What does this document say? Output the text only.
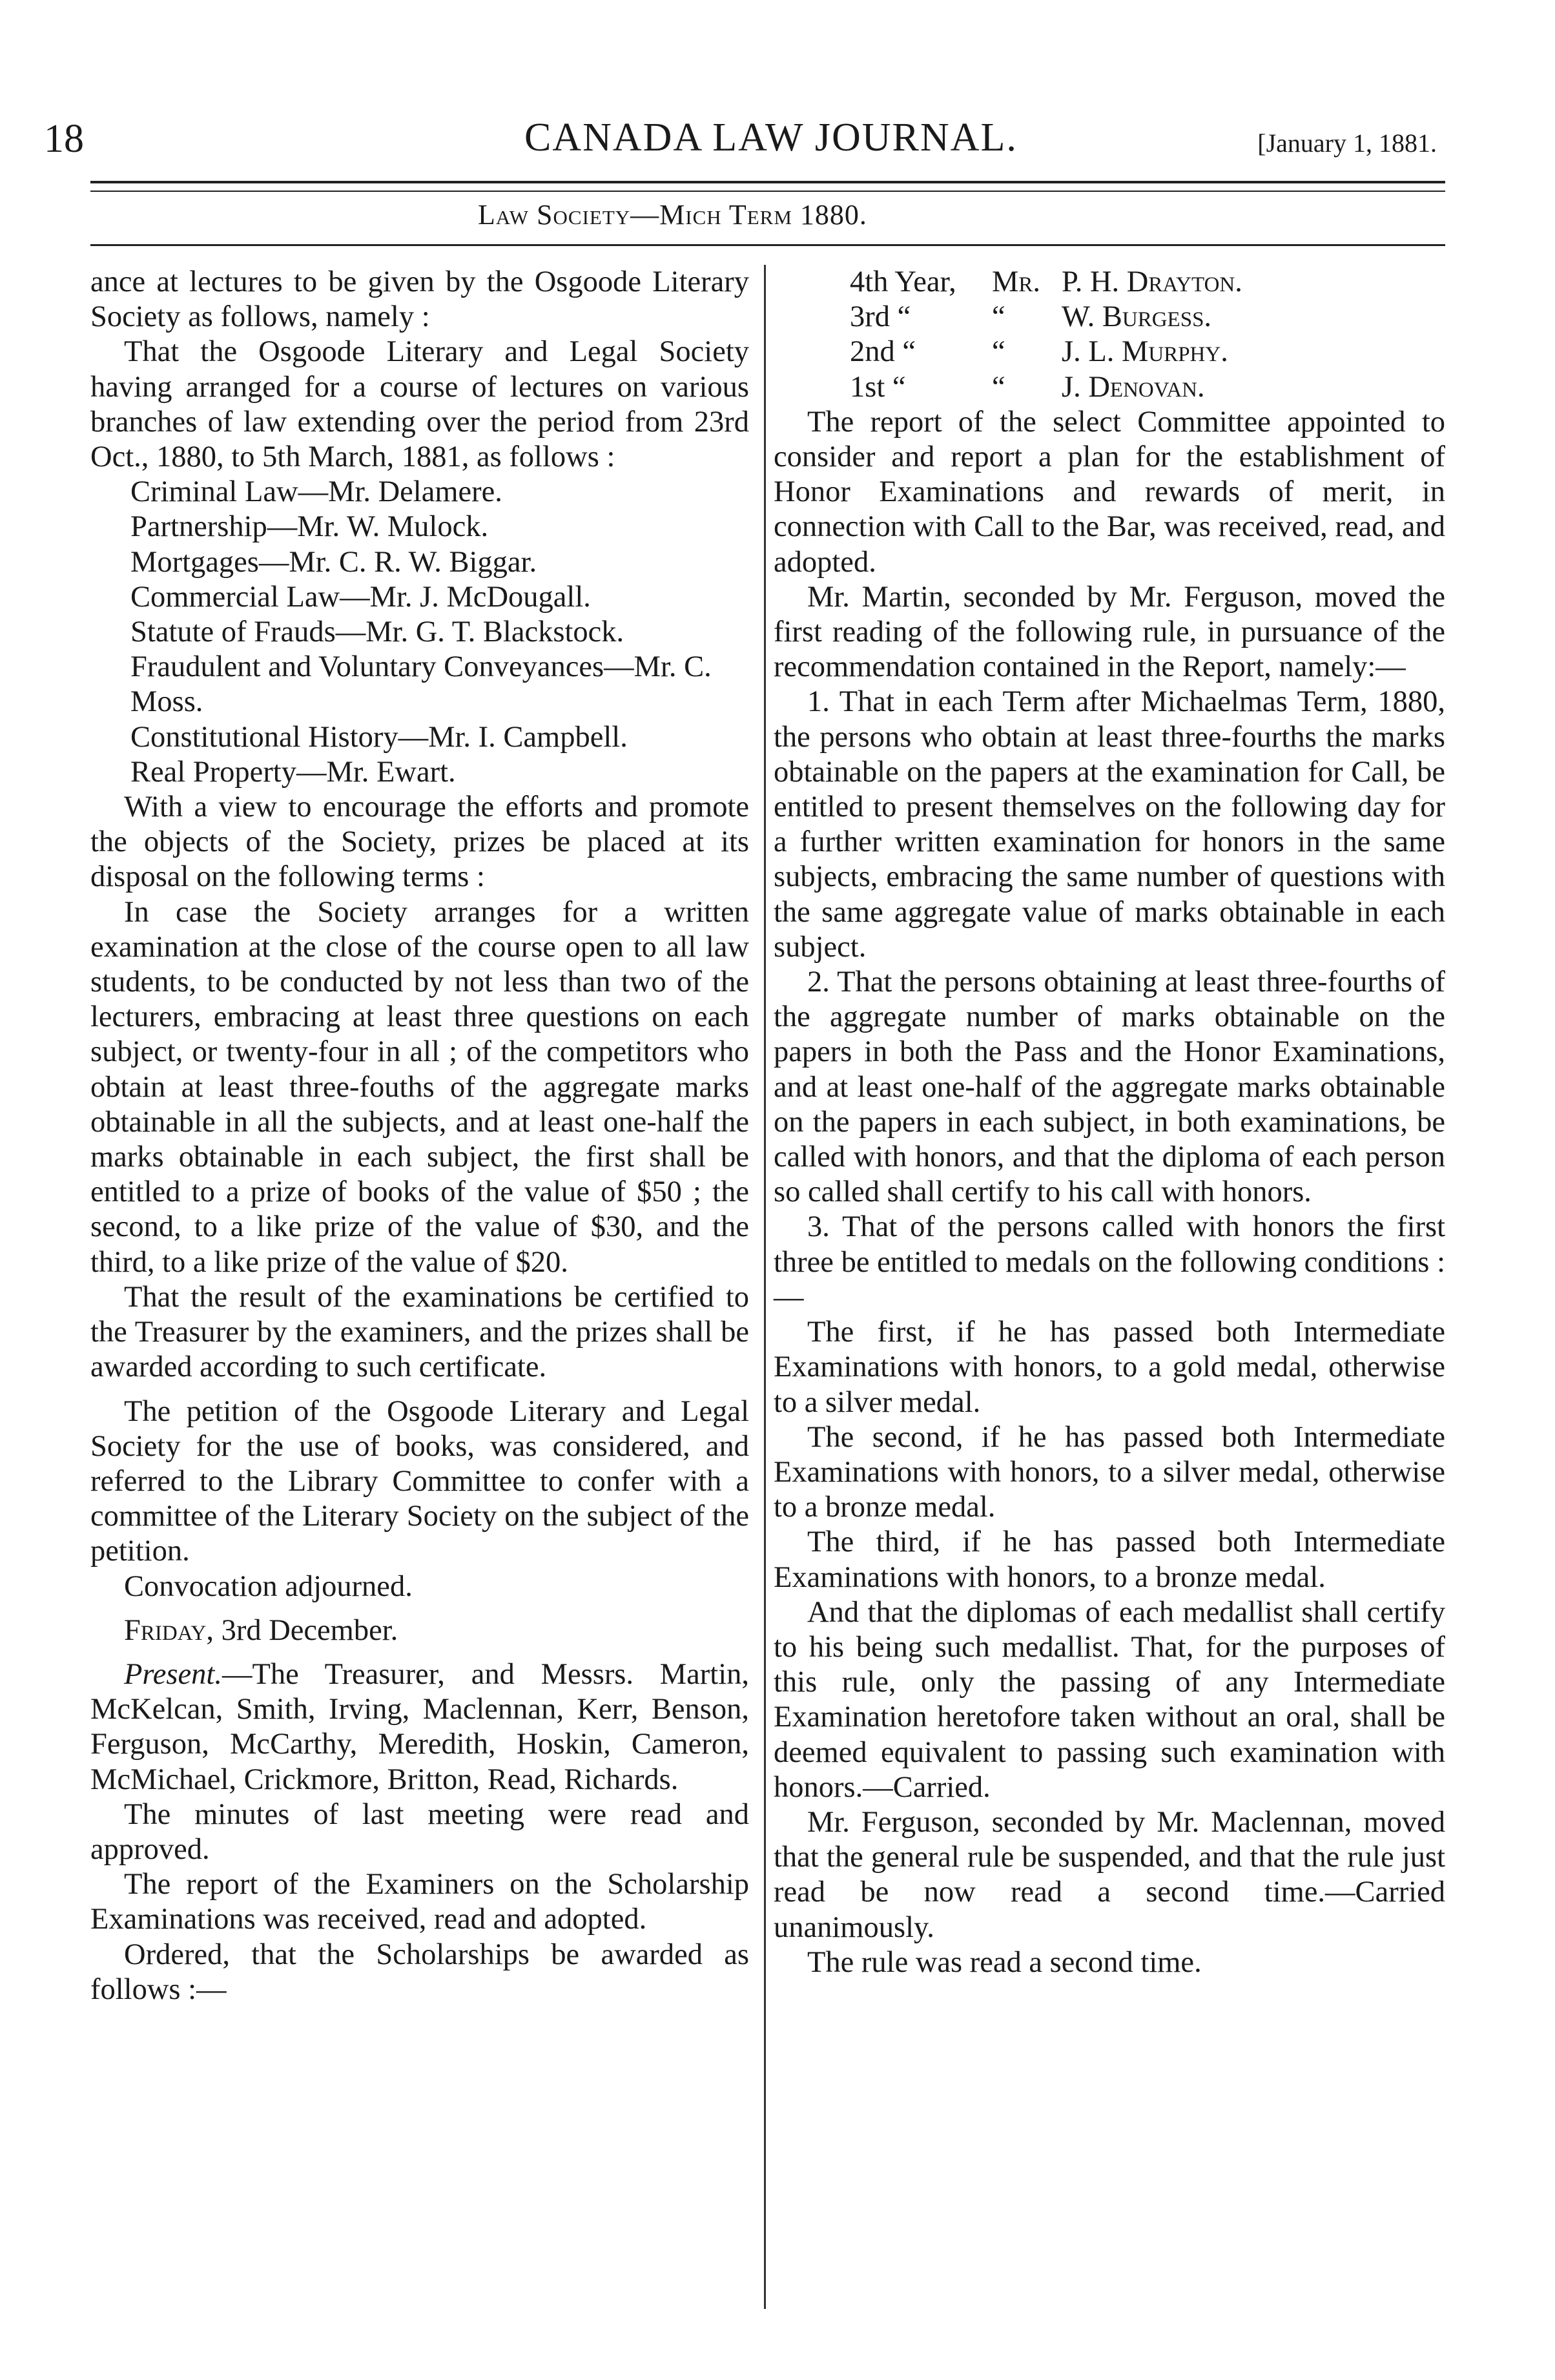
18	CANADA LAW JOURNAL.	[January 1, 1881.
Law Society—Mich Term 1880.

ance at lectures to be given by the Osgoode Literary Society as follows, namely :

That the Osgoode Literary and Legal Society having arranged for a course of lectures on various branches of law extending over the period from 23rd Oct., 1880, to 5th March, 1881, as follows :

Criminal Law—Mr. Delamere.

Partnership—Mr. W. Mulock.

Mortgages—Mr. C. R. W. Biggar.

Commercial Law—Mr. J. McDougall.

Statute of Frauds—Mr. G. T. Blackstock.

Fraudulent and Voluntary Conveyances—Mr. C. Moss.

Constitutional History—Mr. I. Campbell.

Real Property—Mr. Ewart.

With a view to encourage the efforts and promote the objects of the Society, prizes be placed at its disposal on the following terms :

In case the Society arranges for a written examination at the close of the course open to all law students, to be conducted by not less than two of the lecturers, embracing at least three questions on each subject, or twenty-four in all ; of the competitors who obtain at least three-fouths of the aggregate marks obtainable in all the subjects, and at least one-half the marks obtainable in each subject, the first shall be entitled to a prize of books of the value of $50 ; the second, to a like prize of the value of $30, and the third, to a like prize of the value of $20.

That the result of the examinations be certified to the Treasurer by the examiners, and the prizes shall be awarded according to such certificate.

The petition of the Osgoode Literary and Legal Society for the use of books, was considered, and referred to the Library Committee to confer with a committee of the Literary Society on the subject of the petition.

Convocation adjourned.

Friday, 3rd December.

Present.—The Treasurer, and Messrs. Martin, McKelcan, Smith, Irving, Maclennan, Kerr, Benson, Ferguson, McCarthy, Meredith, Hoskin, Cameron, McMichael, Crickmore, Britton, Read, Richards.

The minutes of last meeting were read and approved.

The report of the Examiners on the Scholarship Examinations was received, read and adopted.

Ordered, that the Scholarships be awarded as follows :—

4th Year,	Mr. P. H. Drayton.
3rd “	“	W. Burgess.
2nd “	“	J. L. Murphy.
1st “	“	J. Denovan.

The report of the select Committee appointed to consider and report a plan for the establishment of Honor Examinations and rewards of merit, in connection with Call to the Bar, was received, read, and adopted.

Mr. Martin, seconded by Mr. Ferguson, moved the first reading of the following rule, in pursuance of the recommendation contained in the Report, namely:—

1. That in each Term after Michaelmas Term, 1880, the persons who obtain at least three-fourths the marks obtainable on the papers at the examination for Call, be entitled to present themselves on the following day for a further written examination for honors in the same subjects, embracing the same number of questions with the same aggregate value of marks obtainable in each subject.

2. That the persons obtaining at least three-fourths of the aggregate number of marks obtainable on the papers in both the Pass and the Honor Examinations, and at least one-half of the aggregate marks obtainable on the papers in each subject, in both examinations, be called with honors, and that the diploma of each person so called shall certify to his call with honors.

3. That of the persons called with honors the first three be entitled to medals on the following conditions :—

The first, if he has passed both Intermediate Examinations with honors, to a gold medal, otherwise to a silver medal.

The second, if he has passed both Intermediate Examinations with honors, to a silver medal, otherwise to a bronze medal.

The third, if he has passed both Intermediate Examinations with honors, to a bronze medal.

And that the diplomas of each medallist shall certify to his being such medallist. That, for the purposes of this rule, only the passing of any Intermediate Examination heretofore taken without an oral, shall be deemed equivalent to passing such examination with honors.—Carried.

Mr. Ferguson, seconded by Mr. Maclennan, moved that the general rule be suspended, and that the rule just read be now read a second time.—Carried unanimously.

The rule was read a second time.
